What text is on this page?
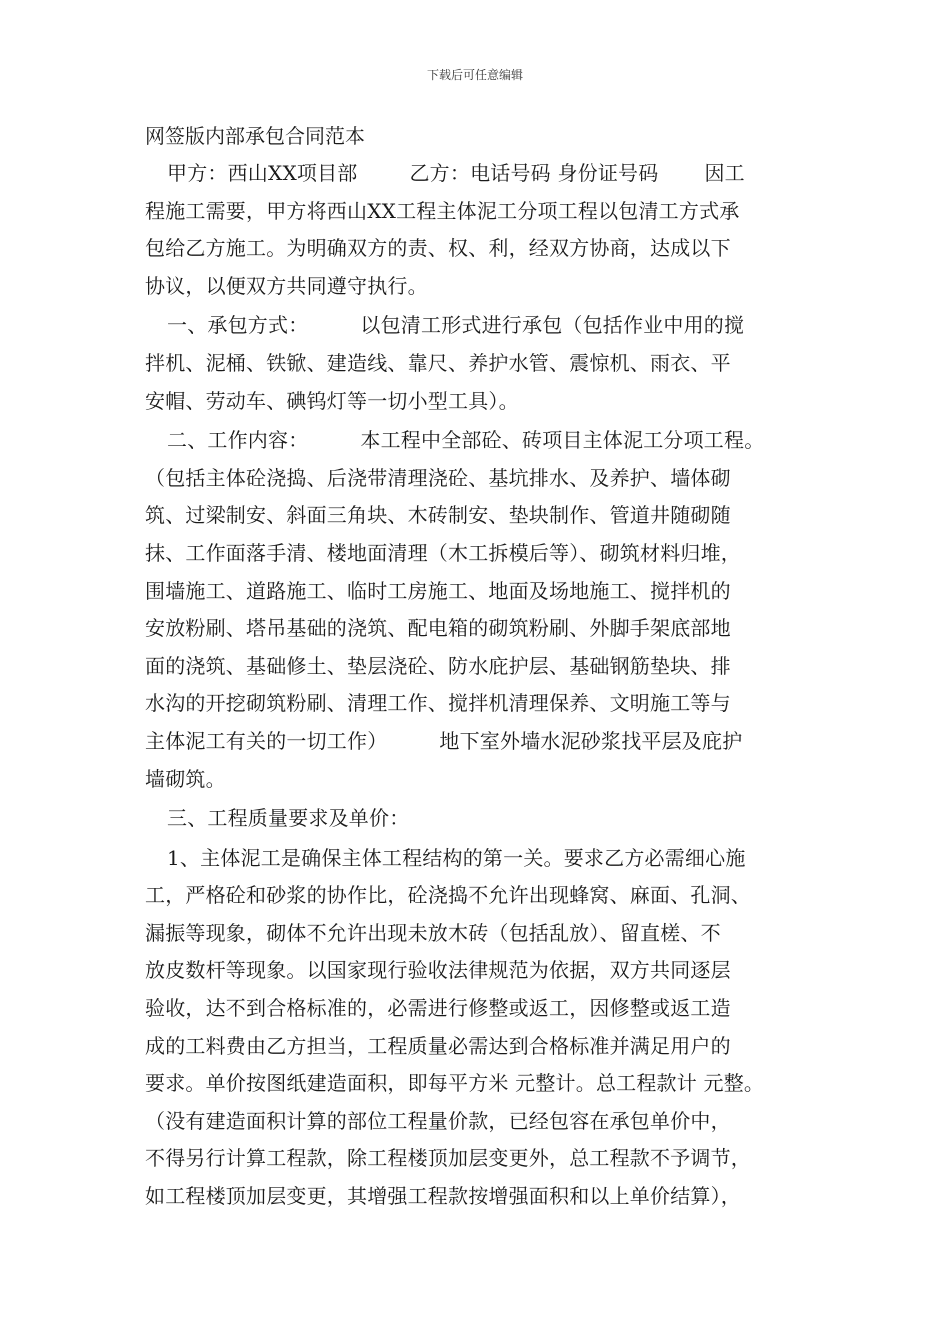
下载后可任意编辑
网签版内部承包合同范本
甲方：西山XX项目部	乙方：电话号码 身份证号码 因工
程施工需要，甲方将西山XX工程主体泥工分项工程以包清工方式承
包给乙方施工。为明确双方的责、权、利，经双方协商，达成以下
协议，以便双方共同遵守执行。
一、承包方式：	以包清工形式进行承包（包括作业中用的搅
拌机、泥桶、铁锨、建造线、靠尺、养护水管、震惊机、雨衣、平
安帽、劳动车、碘钨灯等一切小型工具）。
二、工作内容：	本工程中全部砼、砖项目主体泥工分项工程。
（包括主体砼浇捣、后浇带清理浇砼、基坑排水、及养护、墙体砌
筑、过梁制安、斜面三角块、木砖制安、垫块制作、管道井随砌随
抹、工作面落手清、楼地面清理（木工拆模后等）、砌筑材料归堆，
围墙施工、道路施工、临时工房施工、地面及场地施工、搅拌机的
安放粉刷、塔吊基础的浇筑、配电箱的砌筑粉刷、外脚手架底部地
面的浇筑、基础修土、垫层浇砼、防水庇护层、基础钢筋垫块、排
水沟的开挖砌筑粉刷、清理工作、搅拌机清理保养、文明施工等与
主体泥工有关的一切工作）	地下室外墙水泥砂浆找平层及庇护
墙砌筑。
三、工程质量要求及单价：
1、主体泥工是确保主体工程结构的第一关。要求乙方必需细心施
工，严格砼和砂浆的协作比，砼浇捣不允许出现蜂窝、麻面、孔洞、
漏振等现象，砌体不允许出现未放木砖（包括乱放）、留直槎、不
放皮数杆等现象。以国家现行验收法律规范为依据，双方共同逐层
验收，达不到合格标准的，必需进行修整或返工，因修整或返工造
成的工料费由乙方担当，工程质量必需达到合格标准并满足用户的
要求。单价按图纸建造面积，即每平方米 元整计。总工程款计 元整。
（没有建造面积计算的部位工程量价款，已经包容在承包单价中，
不得另行计算工程款，除工程楼顶加层变更外，总工程款不予调节，
如工程楼顶加层变更，其增强工程款按增强面积和以上单价结算），
